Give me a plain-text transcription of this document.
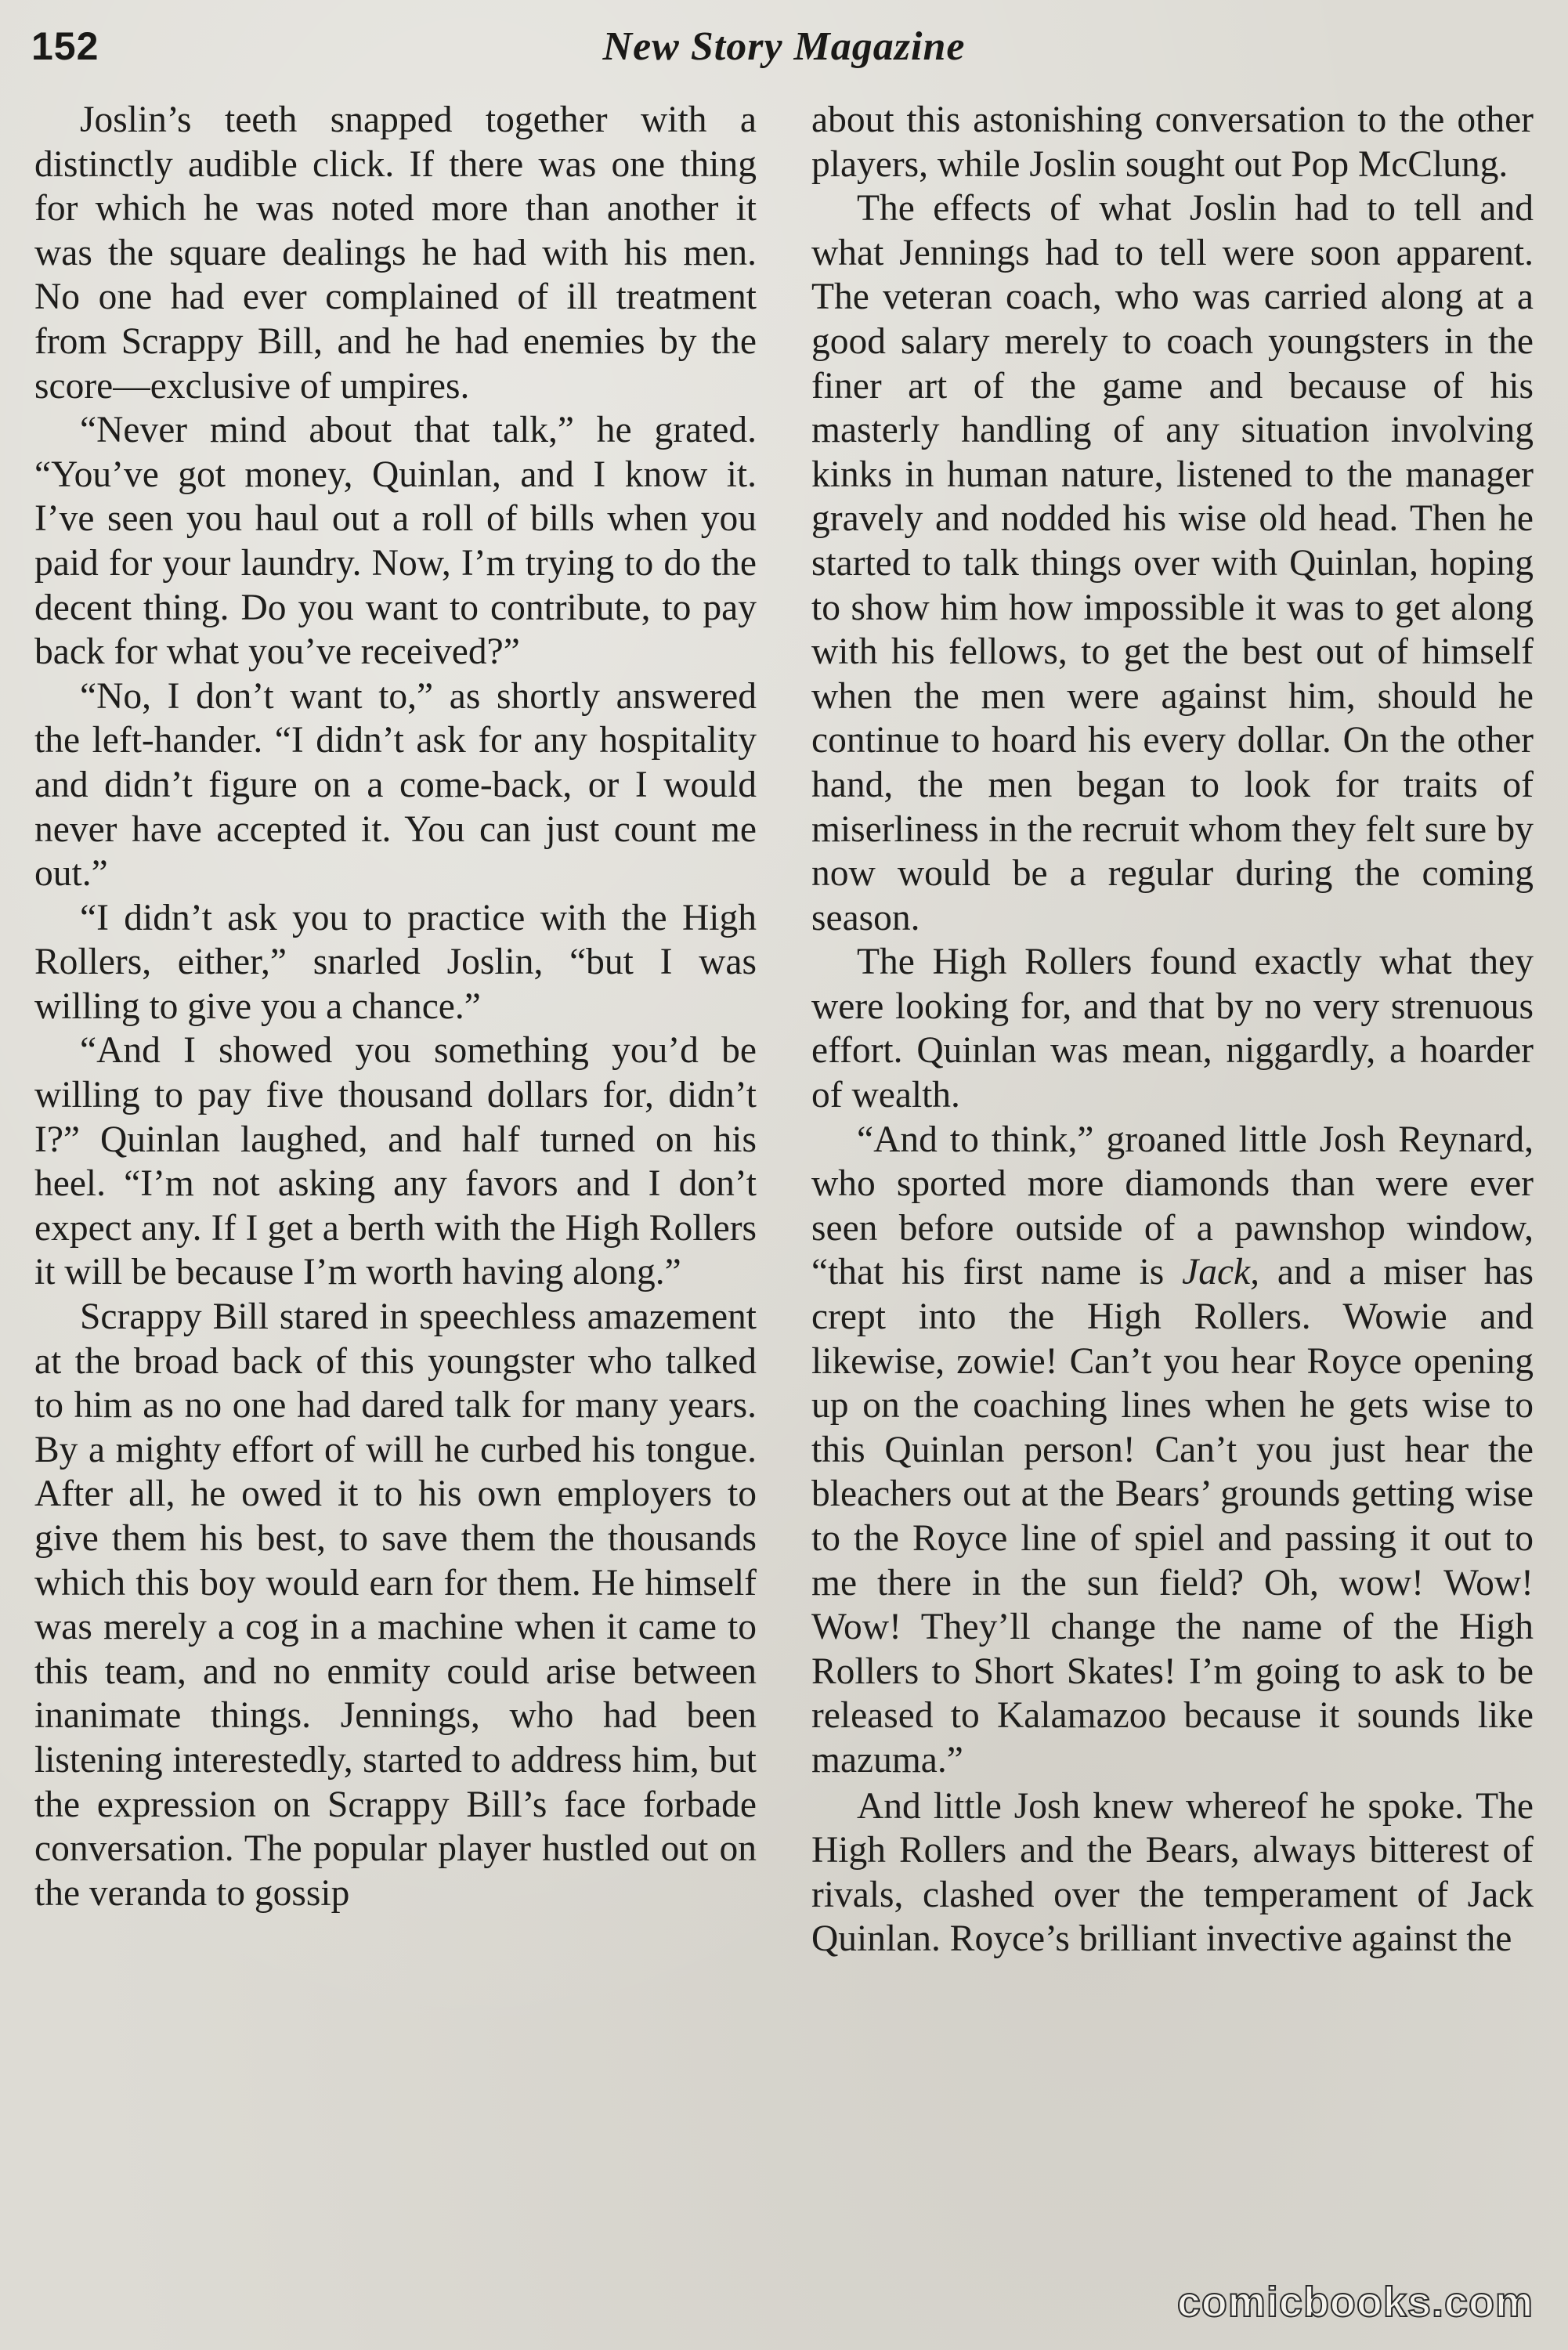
152	New Story Magazine

Joslin’s teeth snapped together with a distinctly audible click. If there was one thing for which he was noted more than another it was the square dealings he had with his men. No one had ever complained of ill treatment from Scrappy Bill, and he had enemies by the score—exclusive of umpires.

“Never mind about that talk,” he grated. “You’ve got money, Quinlan, and I know it. I’ve seen you haul out a roll of bills when you paid for your laundry. Now, I’m trying to do the decent thing. Do you want to contribute, to pay back for what you’ve received?”

“No, I don’t want to,” as shortly answered the left-hander. “I didn’t ask for any hospitality and didn’t figure on a come-back, or I would never have accepted it. You can just count me out.”

“I didn’t ask you to practice with the High Rollers, either,” snarled Joslin, “but I was willing to give you a chance.”

“And I showed you something you’d be willing to pay five thousand dollars for, didn’t I?” Quinlan laughed, and half turned on his heel. “I’m not asking any favors and I don’t expect any. If I get a berth with the High Rollers it will be because I’m worth having along.”

Scrappy Bill stared in speechless amazement at the broad back of this youngster who talked to him as no one had dared talk for many years. By a mighty effort of will he curbed his tongue. After all, he owed it to his own employers to give them his best, to save them the thousands which this boy would earn for them. He himself was merely a cog in a machine when it came to this team, and no enmity could arise between inanimate things. Jennings, who had been listening interestedly, started to address him, but the expression on Scrappy Bill’s face forbade conversation. The popular player hustled out on the veranda to gossip

about this astonishing conversation to the other players, while Joslin sought out Pop McClung.

The effects of what Joslin had to tell and what Jennings had to tell were soon apparent. The veteran coach, who was carried along at a good salary merely to coach youngsters in the finer art of the game and because of his masterly handling of any situation involving kinks in human nature, listened to the manager gravely and nodded his wise old head. Then he started to talk things over with Quinlan, hoping to show him how impossible it was to get along with his fellows, to get the best out of himself when the men were against him, should he continue to hoard his every dollar. On the other hand, the men began to look for traits of miserliness in the recruit whom they felt sure by now would be a regular during the coming season.

The High Rollers found exactly what they were looking for, and that by no very strenuous effort. Quinlan was mean, niggardly, a hoarder of wealth.

“And to think,” groaned little Josh Reynard, who sported more diamonds than were ever seen before outside of a pawnshop window, “that his first name is Jack, and a miser has crept into the High Rollers. Wowie and likewise, zowie! Can’t you hear Royce opening up on the coaching lines when he gets wise to this Quinlan person! Can’t you just hear the bleachers out at the Bears’ grounds getting wise to the Royce line of spiel and passing it out to me there in the sun field? Oh, wow! Wow! Wow! They’ll change the name of the High Rollers to Short Skates! I’m going to ask to be released to Kalamazoo because it sounds like mazuma.”

And little Josh knew whereof he spoke. The High Rollers and the Bears, always bitterest of rivals, clashed over the temperament of Jack Quinlan. Royce’s brilliant invective against the

comicbooks.com
